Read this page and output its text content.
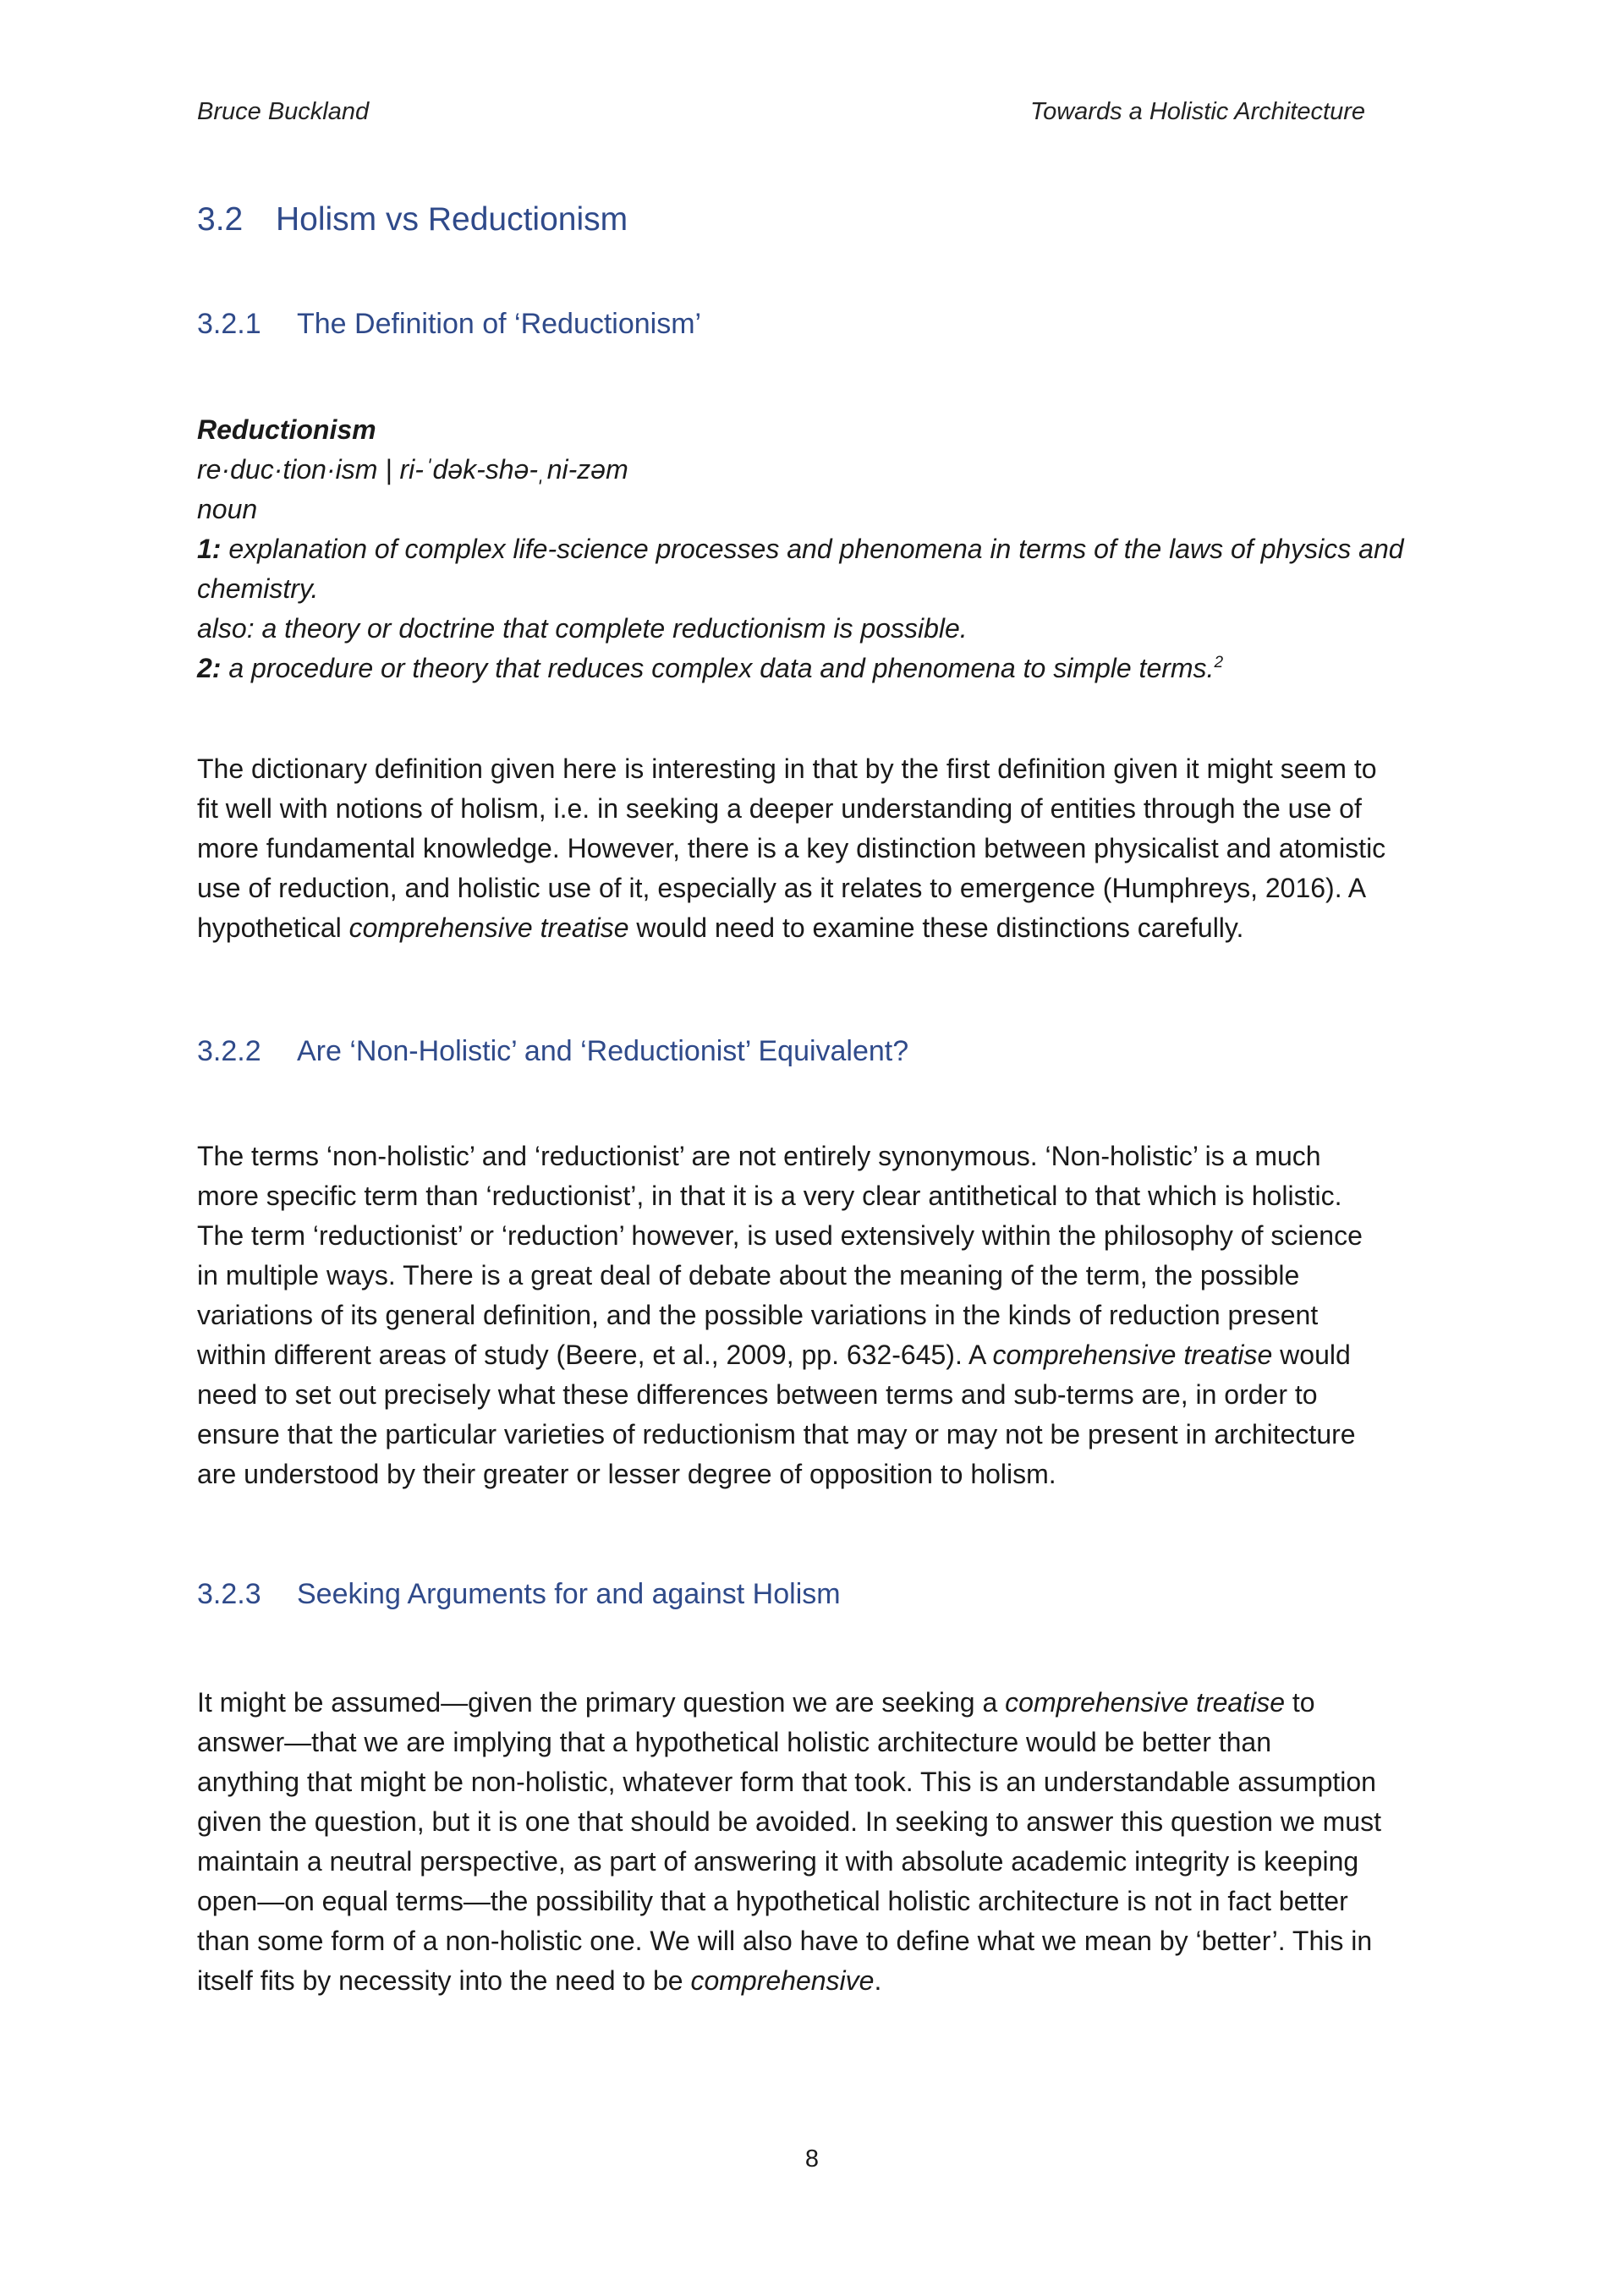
Bruce Buckland	Towards a Holistic Architecture
3.2 Holism vs Reductionism
3.2.1 The Definition of ‘Reductionism’
Reductionism
re·duc·tion·ism | ri-ˈdək-shə-ˌni-zəm
noun
1: explanation of complex life-science processes and phenomena in terms of the laws of physics and
chemistry.
also: a theory or doctrine that complete reductionism is possible.
2: a procedure or theory that reduces complex data and phenomena to simple terms.$^2$
The dictionary definition given here is interesting in that by the first definition given it might seem to
fit well with notions of holism, i.e. in seeking a deeper understanding of entities through the use of
more fundamental knowledge. However, there is a key distinction between physicalist and atomistic
use of reduction, and holistic use of it, especially as it relates to emergence (Humphreys, 2016). A
hypothetical comprehensive treatise would need to examine these distinctions carefully.
3.2.2 Are ‘Non-Holistic’ and ‘Reductionist’ Equivalent?
The terms ‘non-holistic’ and ‘reductionist’ are not entirely synonymous. ‘Non-holistic’ is a much
more specific term than ‘reductionist’, in that it is a very clear antithetical to that which is holistic.
The term ‘reductionist’ or ‘reduction’ however, is used extensively within the philosophy of science
in multiple ways. There is a great deal of debate about the meaning of the term, the possible
variations of its general definition, and the possible variations in the kinds of reduction present
within different areas of study (Beere, et al., 2009, pp. 632-645). A comprehensive treatise would
need to set out precisely what these differences between terms and sub-terms are, in order to
ensure that the particular varieties of reductionism that may or may not be present in architecture
are understood by their greater or lesser degree of opposition to holism.
3.2.3 Seeking Arguments for and against Holism
It might be assumed—given the primary question we are seeking a comprehensive treatise to
answer—that we are implying that a hypothetical holistic architecture would be better than
anything that might be non-holistic, whatever form that took. This is an understandable assumption
given the question, but it is one that should be avoided. In seeking to answer this question we must
maintain a neutral perspective, as part of answering it with absolute academic integrity is keeping
open—on equal terms—the possibility that a hypothetical holistic architecture is not in fact better
than some form of a non-holistic one. We will also have to define what we mean by ‘better’. This in
itself fits by necessity into the need to be comprehensive.
8
